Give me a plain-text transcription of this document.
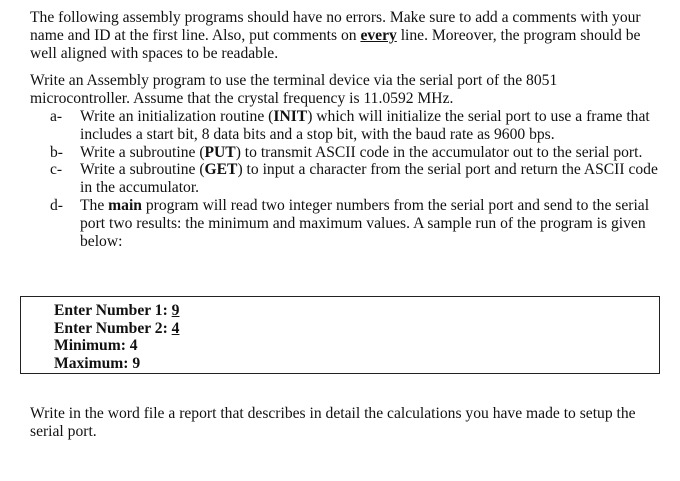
The following assembly programs should have no errors. Make sure to add a comments with your name and ID at the first line. Also, put comments on every line. Moreover, the program should be well aligned with spaces to be readable.

Write an Assembly program to use the terminal device via the serial port of the 8051 microcontroller. Assume that the crystal frequency is 11.0592 MHz.

a-	Write an initialization routine (INIT) which will initialize the serial port to use a frame that includes a start bit, 8 data bits and a stop bit, with the baud rate as 9600 bps.
b-	Write a subroutine (PUT) to transmit ASCII code in the accumulator out to the serial port.
c-	Write a subroutine (GET) to input a character from the serial port and return the ASCII code in the accumulator.
d-	The main program will read two integer numbers from the serial port and send to the serial port two results: the minimum and maximum values. A sample run of the program is given below:
Enter Number 1: 9
Enter Number 2: 4
Minimum: 4
Maximum: 9

Write in the word file a report that describes in detail the calculations you have made to setup the serial port.
